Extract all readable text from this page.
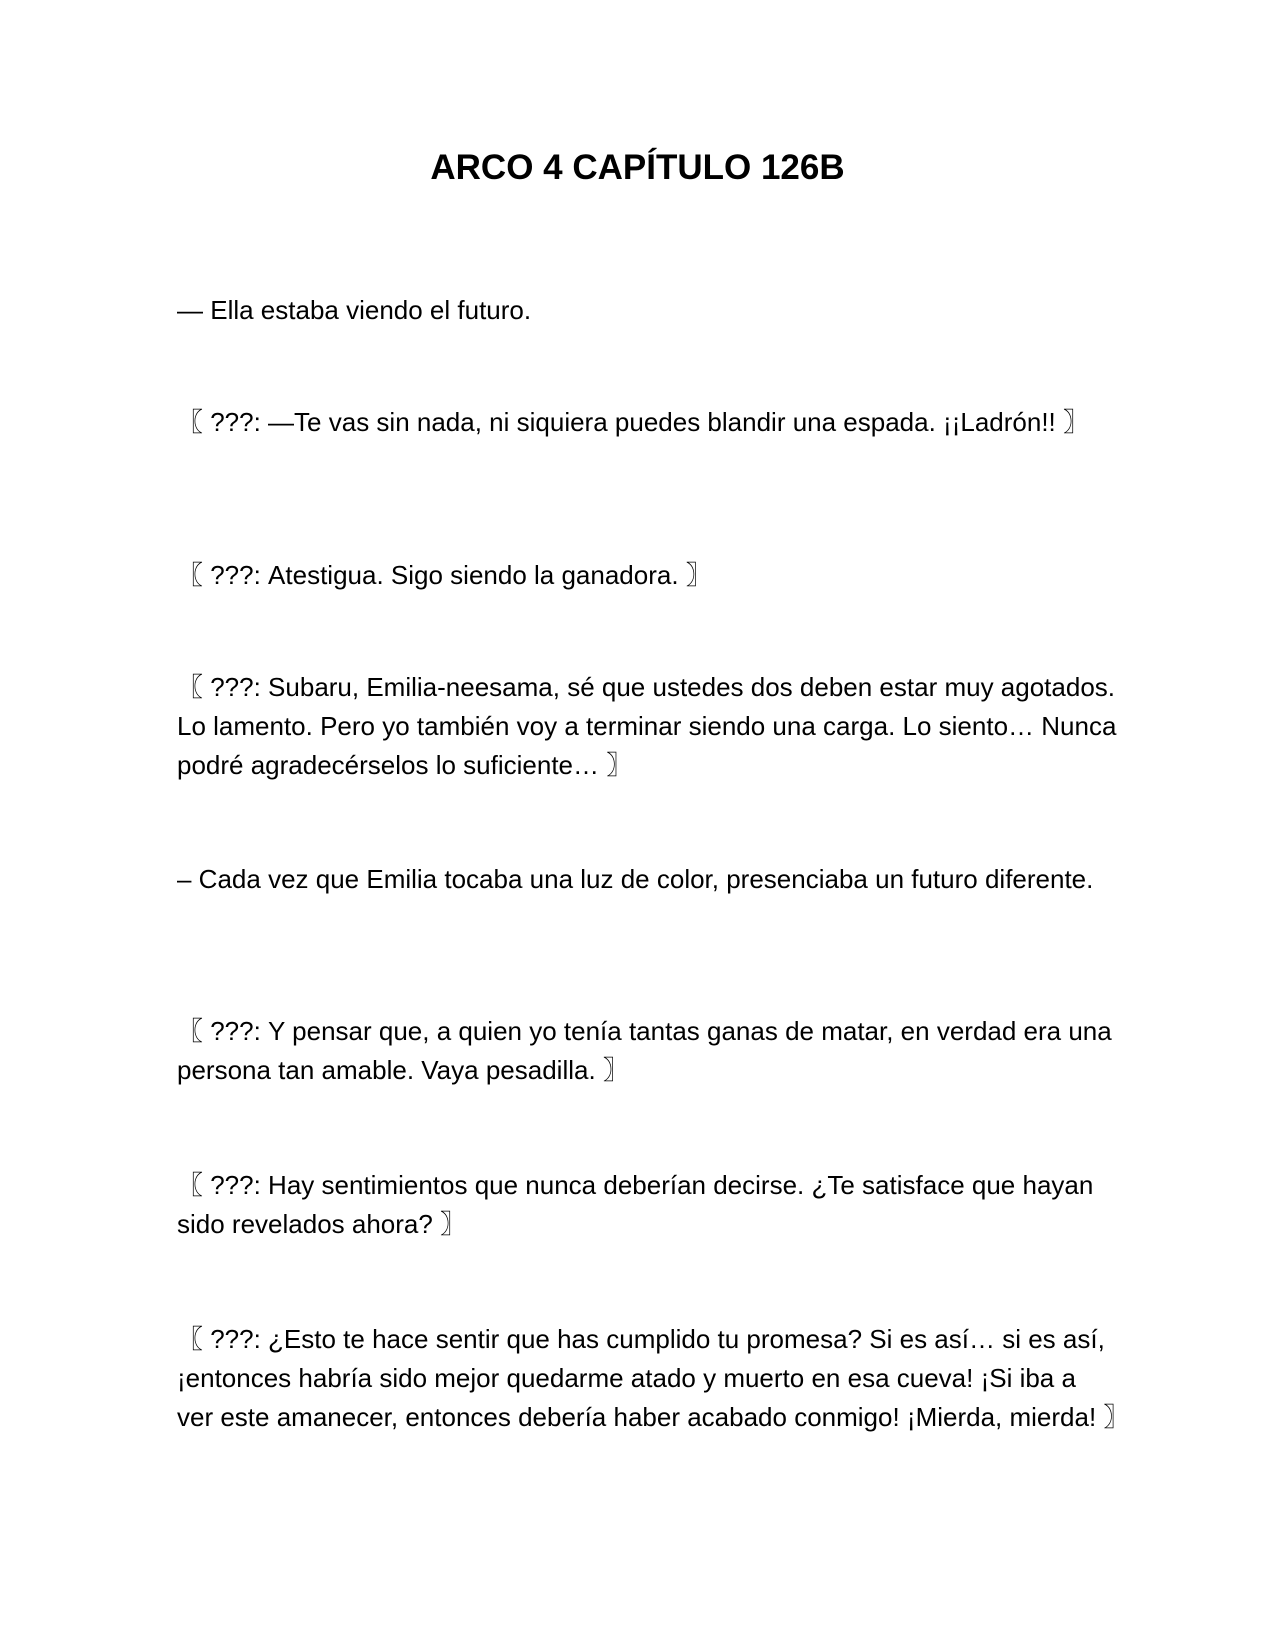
ARCO 4 CAPÍTULO 126B

— Ella estaba viendo el futuro.

〖 ???: —Te vas sin nada, ni siquiera puedes blandir una espada. ¡¡Ladrón!! 〗

〖 ???: Atestigua. Sigo siendo la ganadora. 〗

〖 ???: Subaru, Emilia-neesama, sé que ustedes dos deben estar muy agotados. Lo lamento. Pero yo también voy a terminar siendo una carga. Lo siento… Nunca podré agradecérselos lo suficiente… 〗

– Cada vez que Emilia tocaba una luz de color, presenciaba un futuro diferente.

〖 ???: Y pensar que, a quien yo tenía tantas ganas de matar, en verdad era una persona tan amable. Vaya pesadilla. 〗

〖 ???: Hay sentimientos que nunca deberían decirse. ¿Te satisface que hayan sido revelados ahora? 〗

〖 ???: ¿Esto te hace sentir que has cumplido tu promesa? Si es así… si es así, ¡entonces habría sido mejor quedarme atado y muerto en esa cueva! ¡Si iba a ver este amanecer, entonces debería haber acabado conmigo! ¡Mierda, mierda! 〗
